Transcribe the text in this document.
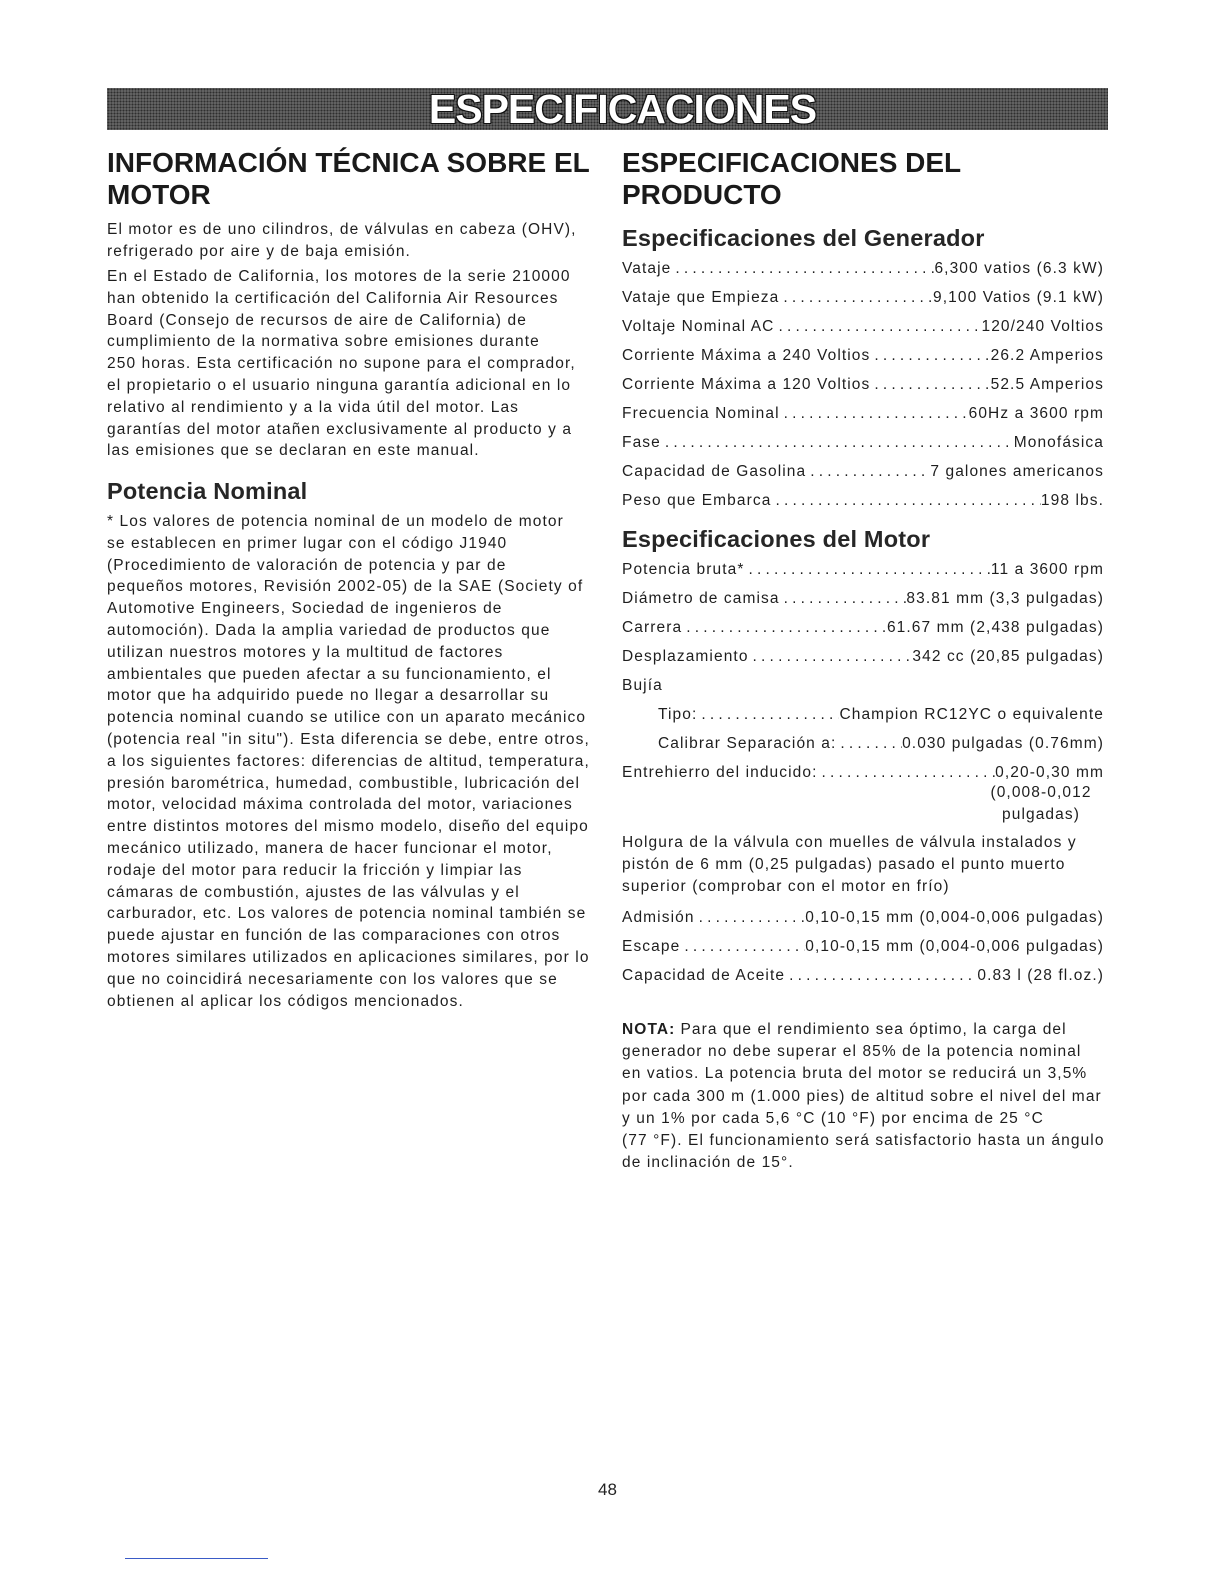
ESPECIFICACIONES
INFORMACIÓN TÉCNICA SOBRE EL
MOTOR
El motor es de uno cilindros, de válvulas en cabeza (OHV),
refrigerado por aire y de baja emisión.
En el Estado de California, los motores de la serie 210000
han obtenido la certificación del California Air Resources
Board (Consejo de recursos de aire de California) de
cumplimiento de la normativa sobre emisiones durante
250 horas. Esta certificación no supone para el comprador,
el propietario o el usuario ninguna garantía adicional en lo
relativo al rendimiento y a la vida útil del motor. Las
garantías del motor atañen exclusivamente al producto y a
las emisiones que se declaran en este manual.
Potencia Nominal
* Los valores de potencia nominal de un modelo de motor
se establecen en primer lugar con el código J1940
(Procedimiento de valoración de potencia y par de
pequeños motores, Revisión 2002-05) de la SAE (Society of
Automotive Engineers, Sociedad de ingenieros de
automoción). Dada la amplia variedad de productos que
utilizan nuestros motores y la multitud de factores
ambientales que pueden afectar a su funcionamiento, el
motor que ha adquirido puede no llegar a desarrollar su
potencia nominal cuando se utilice con un aparato mecánico
(potencia real "in situ"). Esta diferencia se debe, entre otros,
a los siguientes factores: diferencias de altitud, temperatura,
presión barométrica, humedad, combustible, lubricación del
motor, velocidad máxima controlada del motor, variaciones
entre distintos motores del mismo modelo, diseño del equipo
mecánico utilizado, manera de hacer funcionar el motor,
rodaje del motor para reducir la fricción y limpiar las
cámaras de combustión, ajustes de las válvulas y el
carburador, etc. Los valores de potencia nominal también se
puede ajustar en función de las comparaciones con otros
motores similares utilizados en aplicaciones similares, por lo
que no coincidirá necesariamente con los valores que se
obtienen al aplicar los códigos mencionados.
ESPECIFICACIONES DEL
PRODUCTO
Especificaciones del Generador
Vataje .....	6,300 vatios (6.3 kW)
Vataje que Empieza .....	9,100 Vatios (9.1 kW)
Voltaje Nominal AC .....	120/240 Voltios
Corriente Máxima a 240 Voltios .....	26.2 Amperios
Corriente Máxima a 120 Voltios .....	52.5 Amperios
Frecuencia Nominal .....	60Hz a 3600 rpm
Fase .....	Monofásica
Capacidad de Gasolina .....	7 galones americanos
Peso que Embarca .....	198 lbs.
Especificaciones del Motor
Potencia bruta* .....	11 a 3600 rpm
Diámetro de camisa .....	83.81 mm (3,3 pulgadas)
Carrera .....	61.67 mm (2,438 pulgadas)
Desplazamiento .....	342 cc (20,85 pulgadas)
Bujía
Tipo: .....	Champion RC12YC o equivalente
Calibrar Separación a: .....	0.030 pulgadas (0.76mm)
Entrehierro del inducido: .....	0,20-0,30 mm
(0,008-0,012
pulgadas)
Holgura de la válvula con muelles de válvula instalados y
pistón de 6 mm (0,25 pulgadas) pasado el punto muerto
superior (comprobar con el motor en frío)
Admisión .....	0,10-0,15 mm (0,004-0,006 pulgadas)
Escape .....	0,10-0,15 mm (0,004-0,006 pulgadas)
Capacidad de Aceite .....	0.83 l (28 fl.oz.)
NOTA: Para que el rendimiento sea óptimo, la carga del
generador no debe superar el 85% de la potencia nominal
en vatios. La potencia bruta del motor se reducirá un 3,5%
por cada 300 m (1.000 pies) de altitud sobre el nivel del mar
y un 1% por cada 5,6 °C (10 °F) por encima de 25 °C
(77 °F). El funcionamiento será satisfactorio hasta un ángulo
de inclinación de 15°.
48
